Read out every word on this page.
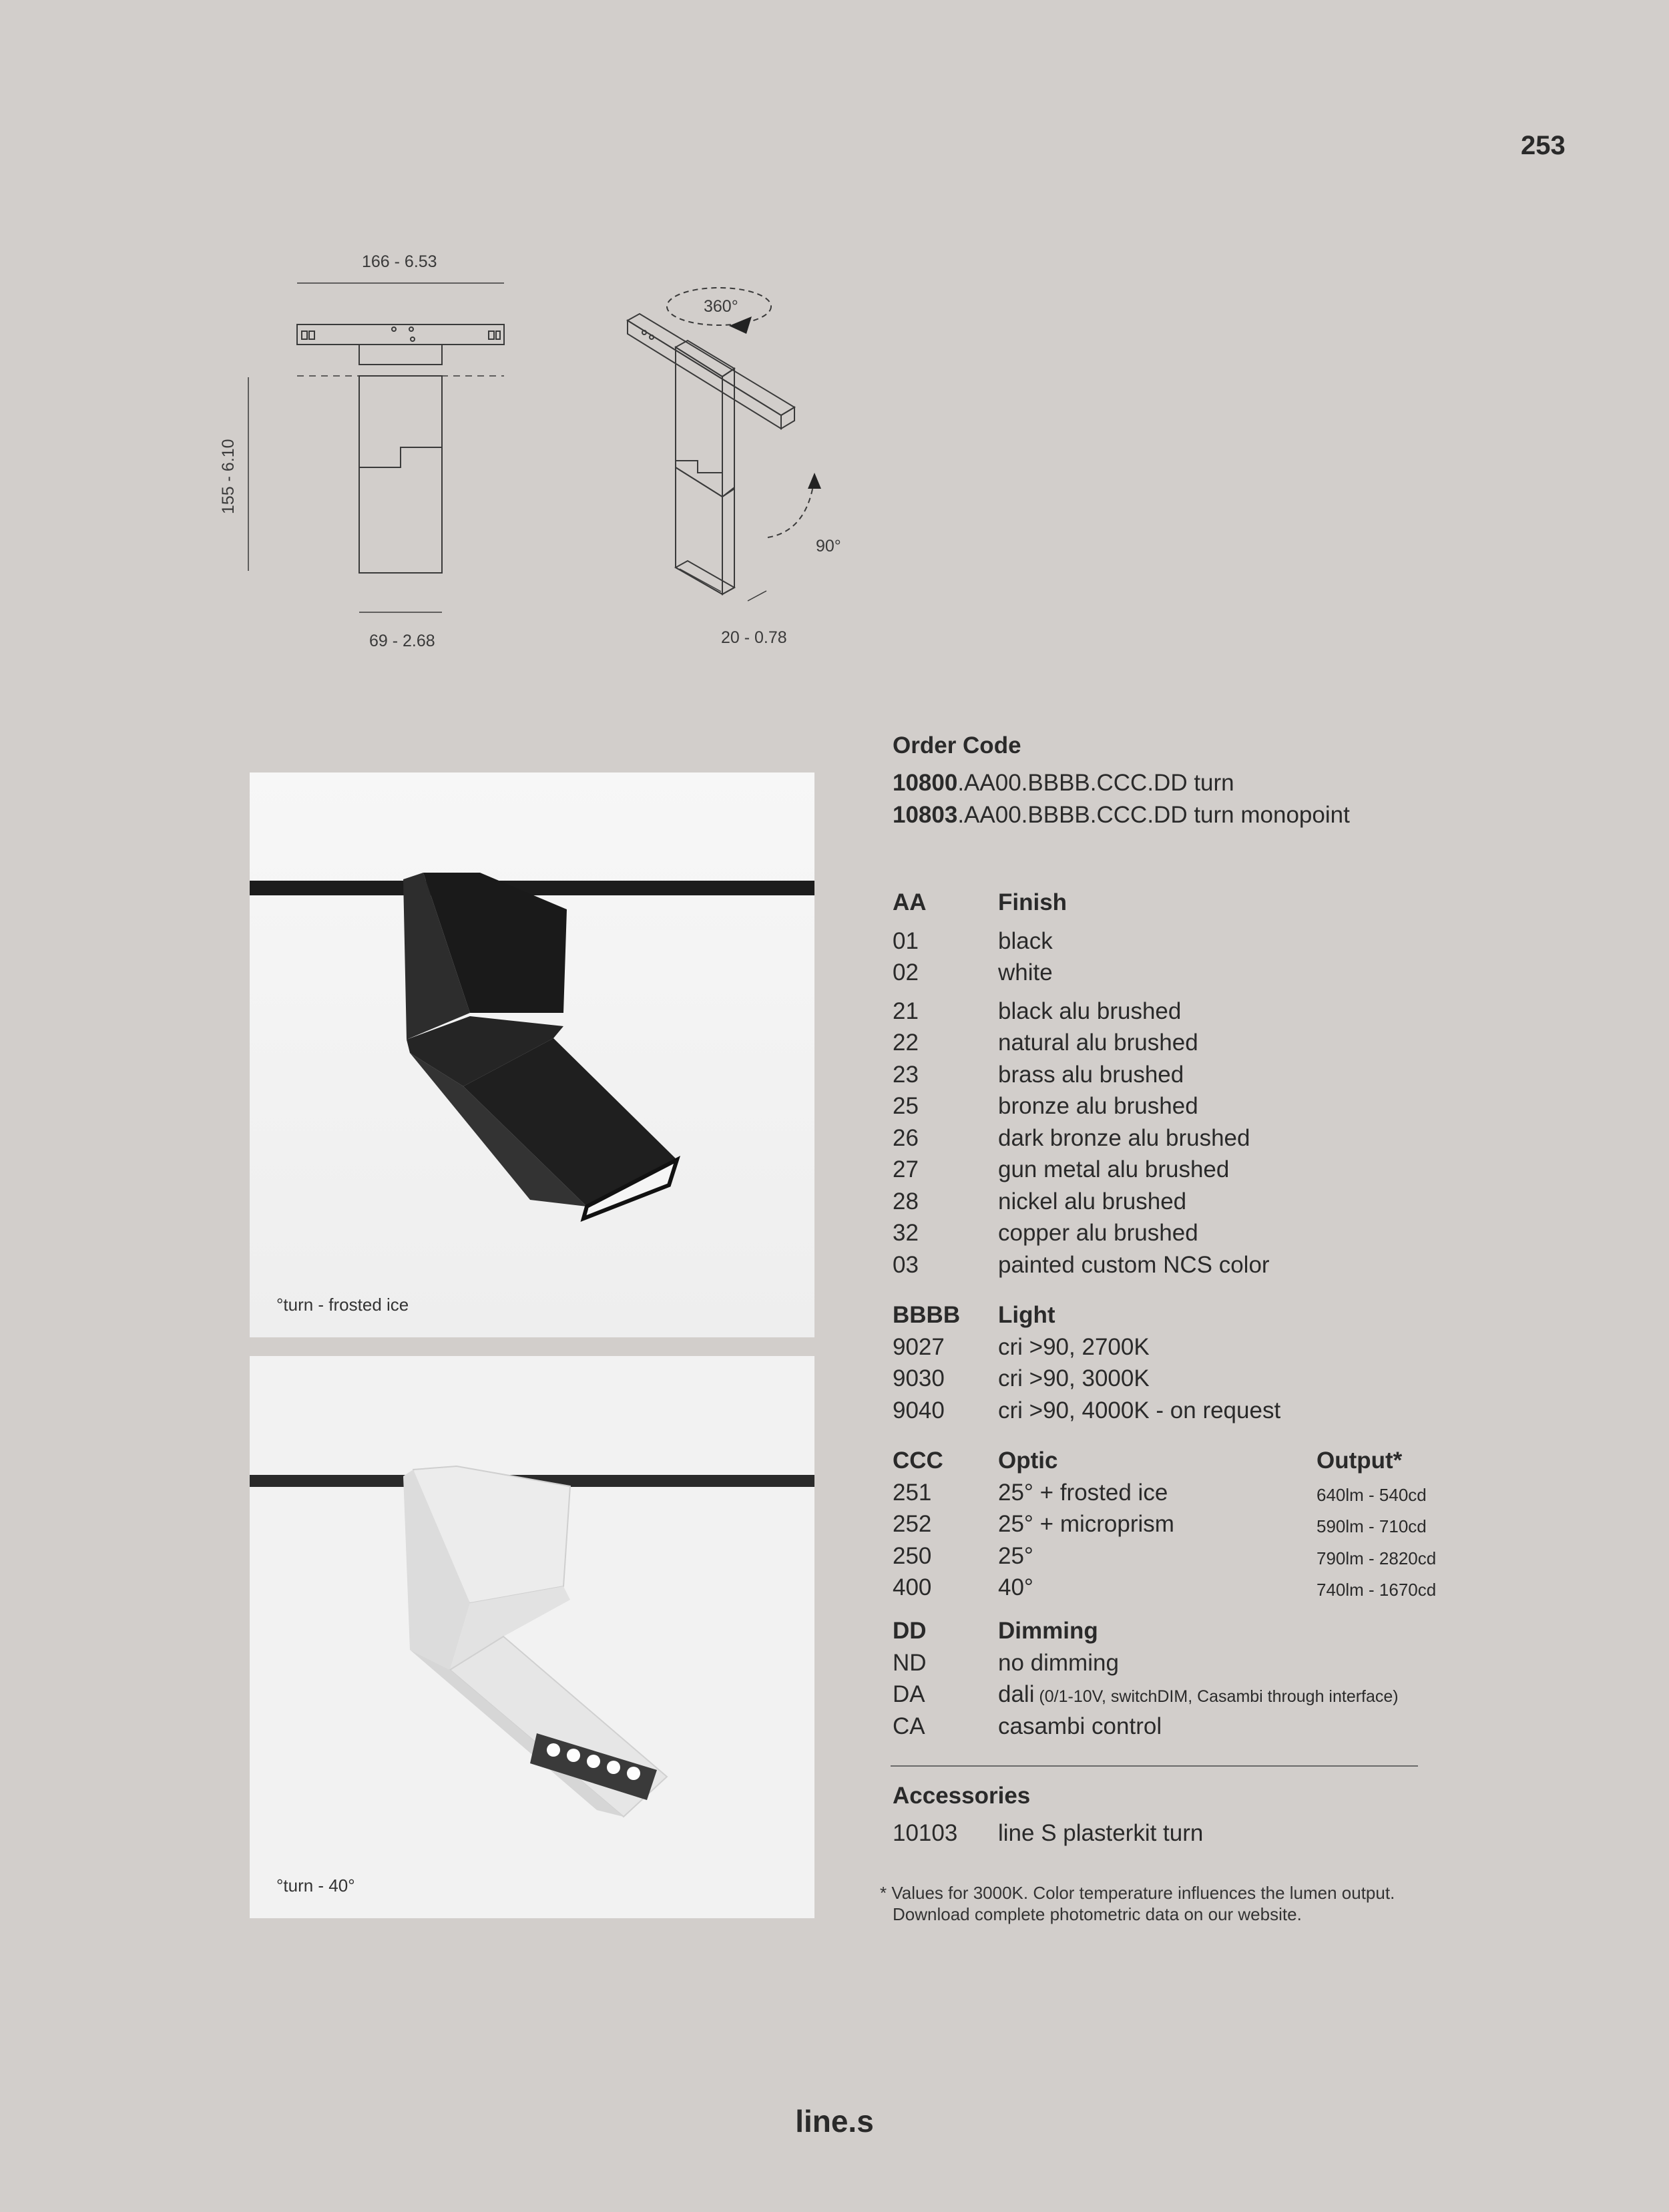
253
166 - 6.53
155 - 6.10
69 - 2.68	20 - 0.78
360°
90°
°turn - frosted ice
°turn - 40°
Order Code
10800.AA00.BBBB.CCC.DD turn
10803.AA00.BBBB.CCC.DD turn monopoint
AA	Finish
01	black
02	white
21	black alu brushed
22	natural alu brushed
23	brass alu brushed
25	bronze alu brushed
26	dark bronze alu brushed
27	gun metal alu brushed
28	nickel alu brushed
32	copper alu brushed
03	painted custom NCS color
BBBB Light
9027 cri >90, 2700K
9030 cri >90, 3000K
9040 cri >90, 4000K - on request
CCC Optic	Output*
251	25° + frosted ice	640lm - 540cd
252	25° + microprism	590lm - 710cd
250	25°	790lm - 2820cd
400	40°	740lm - 1670cd
DD	Dimming
ND	no dimming
DA	dali (0/1-10V, switchDIM, Casambi through interface)
CA	casambi control
Accessories
10103 line S plasterkit turn
* Values for 3000K. Color temperature influences the lumen output.
Download complete photometric data on our website.
line.s
